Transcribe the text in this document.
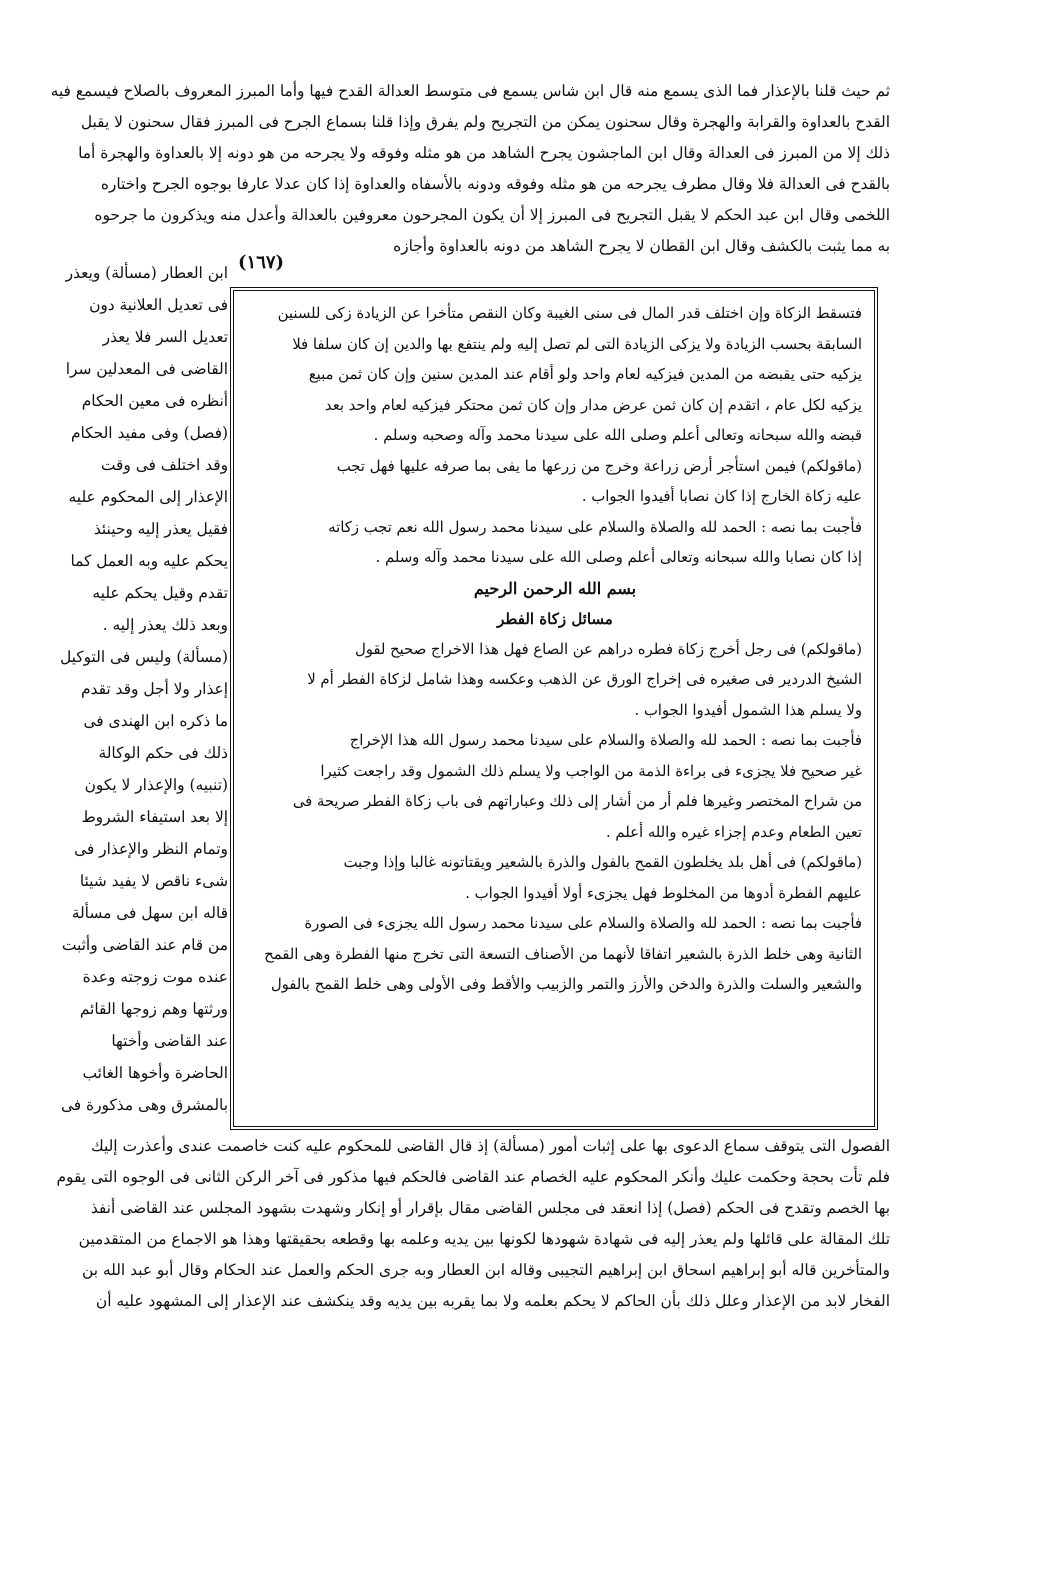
ثم حيث قلنا بالإعذار فما الذى يسمع منه قال ابن شاس يسمع فى متوسط العدالة القدح فيها وأما المبرز المعروف بالصلاح فيسمع فيه

القدح بالعداوة والقرابة والهجرة وقال سحنون يمكن من التجريح ولم يفرق وإذا قلنا بسماع الجرح فى المبرز فقال سحنون لا يقبل

ذلك إلا من المبرز فى العدالة وقال ابن الماجشون يجرح الشاهد من هو مثله وفوقه ولا يجرحه من هو دونه إلا بالعداوة والهجرة أما

بالقدح فى العدالة فلا وقال مطرف يجرحه من هو مثله وفوقه ودونه بالأسفاه والعداوة إذا كان عدلا عارفا بوجوه الجرح واختاره

اللخمى وقال ابن عبد الحكم لا يقبل التجريح فى المبرز إلا أن يكون المجرحون معروفين بالعدالة وأعدل منه ويذكرون ما جرحوه

به مما يثبت بالكشف وقال ابن القطان لا يجرح الشاهد من دونه بالعداوة وأجازه

(١٦٧)

ابن العطار (مسألة) ويعذر

فى تعديل العلانية دون

تعديل السر فلا يعذر

القاضى فى المعدلين سرا

أنظره فى معين الحكام

(فصل) وفى مفيد الحكام

وقد اختلف فى وقت

الإعذار إلى المحكوم عليه

فقيل يعذر إليه وحينئذ

يحكم عليه وبه العمل كما

تقدم وقيل يحكم عليه

وبعد ذلك يعذر إليه .

(مسألة) وليس فى التوكيل

إعذار ولا أجل وقد تقدم

ما ذكره ابن الهندى فى

ذلك فى حكم الوكالة

(تنبيه) والإعذار لا يكون

إلا بعد استيفاء الشروط

وتمام النظر والإعذار فى

شىء ناقص لا يفيد شيئا

قاله ابن سهل فى مسألة

من قام عند القاضى وأثبت

عنده موت زوجته وعدة

ورثتها وهم زوجها القائم

عند القاضى وأختها

الحاضرة وأخوها الغائب

بالمشرق وهى مذكورة فى

فتسقط الزكاة وإن اختلف قدر المال فى سنى الغيبة وكان النقص متأخرا عن الزيادة زكى للسنين

السابقة بحسب الزيادة ولا يزكى الزيادة التى لم تصل إليه ولم ينتفع بها والدين إن كان سلفا فلا

يزكيه حتى يقبضه من المدين فيزكيه لعام واحد ولو أقام عند المدين سنين وإن كان ثمن مبيع

يزكيه لكل عام ، اتقدم إن كان ثمن عرض مدار وإن كان ثمن محتكر فيزكيه لعام واحد بعد

قبضه والله سبحانه وتعالى أعلم وصلى الله على سيدنا محمد وآله وصحبه وسلم .

(ماقولكم) فيمن استأجر أرض زراعة وخرج من زرعها ما يفى بما صرفه عليها فهل تجب

عليه زكاة الخارج إذا كان نصابا أفيدوا الجواب .

فأجبت بما نصه : الحمد لله والصلاة والسلام على سيدنا محمد رسول الله نعم تجب زكاته

إذا كان نصابا والله سبحانه وتعالى أعلم وصلى الله على سيدنا محمد وآله وسلم .

بسم الله الرحمن الرحيم

مسائل زكاة الفطر

(ماقولكم) فى رجل أخرج زكاة فطره دراهم عن الصاع فهل هذا الاخراج صحيح لقول

الشيخ الدردير فى صغيره فى إخراج الورق عن الذهب وعكسه وهذا شامل لزكاة الفطر أم لا

ولا يسلم هذا الشمول أفيدوا الجواب .

فأجبت بما نصه : الحمد لله والصلاة والسلام على سيدنا محمد رسول الله هذا الإخراج

غير صحيح فلا يجزىء فى براءة الذمة من الواجب ولا يسلم ذلك الشمول وقد راجعت كثيرا

من شراح المختصر وغيرها فلم أر من أشار إلى ذلك وعباراتهم فى باب زكاة الفطر صريحة فى

تعين الطعام وعدم إجزاء غيره والله أعلم .

(ماقولكم) فى أهل بلد يخلطون القمح بالفول والذرة بالشعير ويقتاتونه غالبا وإذا وجبت

عليهم الفطرة أدوها من المخلوط فهل يجزىء أولا أفيدوا الجواب .

فأجبت بما نصه : الحمد لله والصلاة والسلام على سيدنا محمد رسول الله يجزىء فى الصورة

الثانية وهى خلط الذرة بالشعير اتفاقا لأنهما من الأصناف التسعة التى تخرج منها الفطرة وهى القمح

والشعير والسلت والذرة والدخن والأرز والتمر والزبيب والأقط وفى الأولى وهى خلط القمح بالفول

الفصول التى يتوقف سماع الدعوى بها على إثبات أمور (مسألة) إذ قال القاضى للمحكوم عليه كنت خاصمت عندى وأعذرت إليك

فلم تأت بحجة وحكمت عليك وأنكر المحكوم عليه الخصام عند القاضى فالحكم فيها مذكور فى آخر الركن الثانى فى الوجوه التى يقوم

بها الخصم وتقدح فى الحكم (فصل) إذا انعقد فى مجلس القاضى مقال بإقرار أو إنكار وشهدت بشهود المجلس عند القاضى أنفذ

تلك المقالة على قائلها ولم يعذر إليه فى شهادة شهودها لكونها بين يديه وعلمه بها وقطعه بحقيقتها وهذا هو الاجماع من المتقدمين

والمتأخرين قاله أبو إبراهيم اسحاق ابن إبراهيم التجيبى وقاله ابن العطار وبه جرى الحكم والعمل عند الحكام وقال أبو عبد الله بن

الفخار لابد من الإعذار وعلل ذلك بأن الحاكم لا يحكم بعلمه ولا بما يقربه بين يديه وقد ينكشف عند الإعذار إلى المشهود عليه أن
